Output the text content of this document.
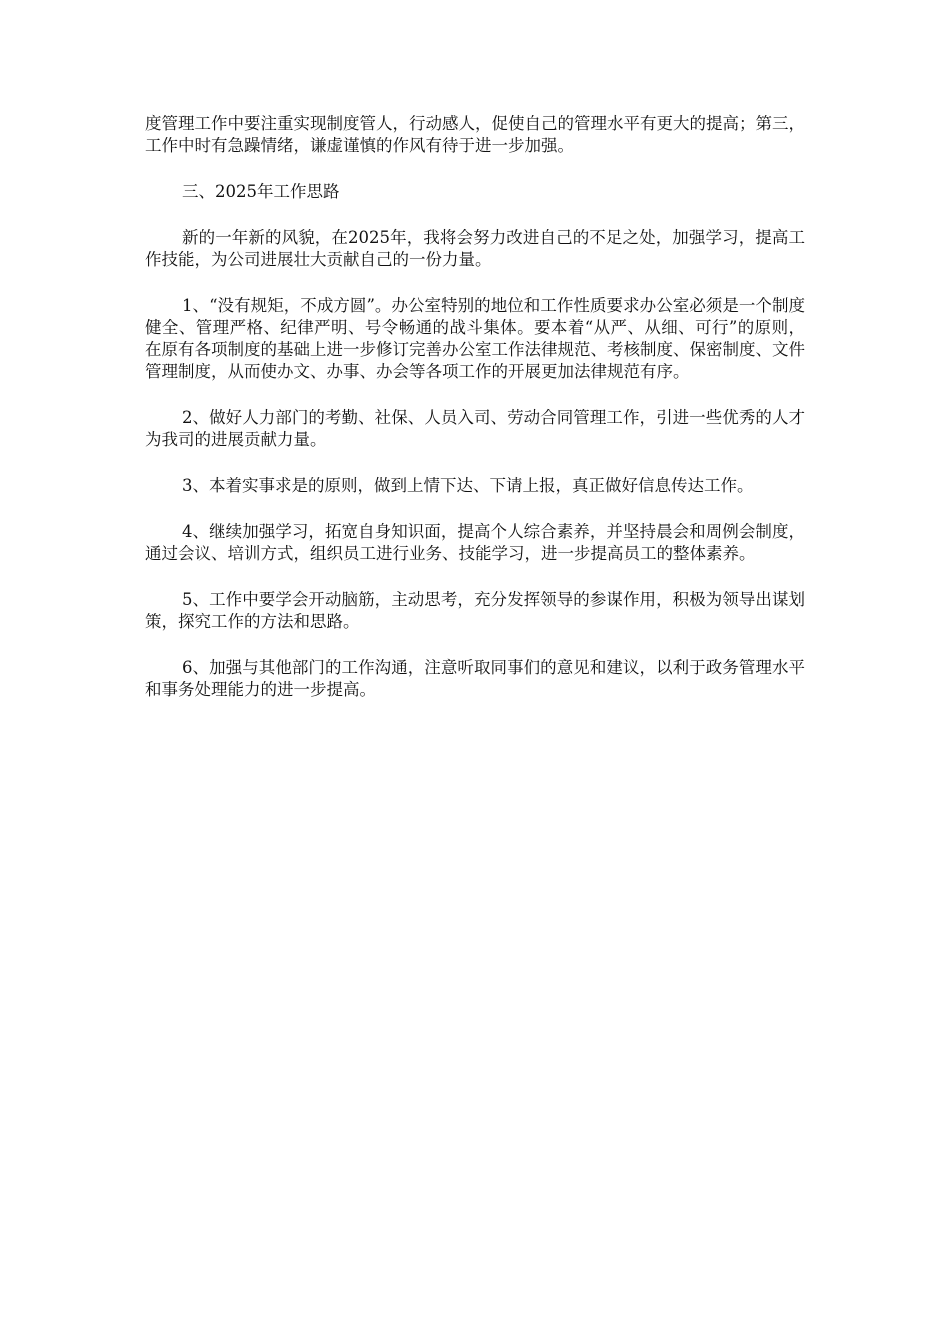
度管理工作中要注重实现制度管人，行动感人，促使自己的管理水平有更大的提高；第三，工作中时有急躁情绪，谦虚谨慎的作风有待于进一步加强。

三、2025年工作思路

新的一年新的风貌，在2025年，我将会努力改进自己的不足之处，加强学习，提高工作技能，为公司进展壮大贡献自己的一份力量。

1、“没有规矩，不成方圆”。办公室特别的地位和工作性质要求办公室必须是一个制度健全、管理严格、纪律严明、号令畅通的战斗集体。要本着“从严、从细、可行”的原则，在原有各项制度的基础上进一步修订完善办公室工作法律规范、考核制度、保密制度、文件管理制度，从而使办文、办事、办会等各项工作的开展更加法律规范有序。

2、做好人力部门的考勤、社保、人员入司、劳动合同管理工作，引进一些优秀的人才为我司的进展贡献力量。

3、本着实事求是的原则，做到上情下达、下请上报，真正做好信息传达工作。

4、继续加强学习，拓宽自身知识面，提高个人综合素养，并坚持晨会和周例会制度，通过会议、培训方式，组织员工进行业务、技能学习，进一步提高员工的整体素养。

5、工作中要学会开动脑筋，主动思考，充分发挥领导的参谋作用，积极为领导出谋划策，探究工作的方法和思路。

6、加强与其他部门的工作沟通，注意听取同事们的意见和建议，以利于政务管理水平和事务处理能力的进一步提高。
